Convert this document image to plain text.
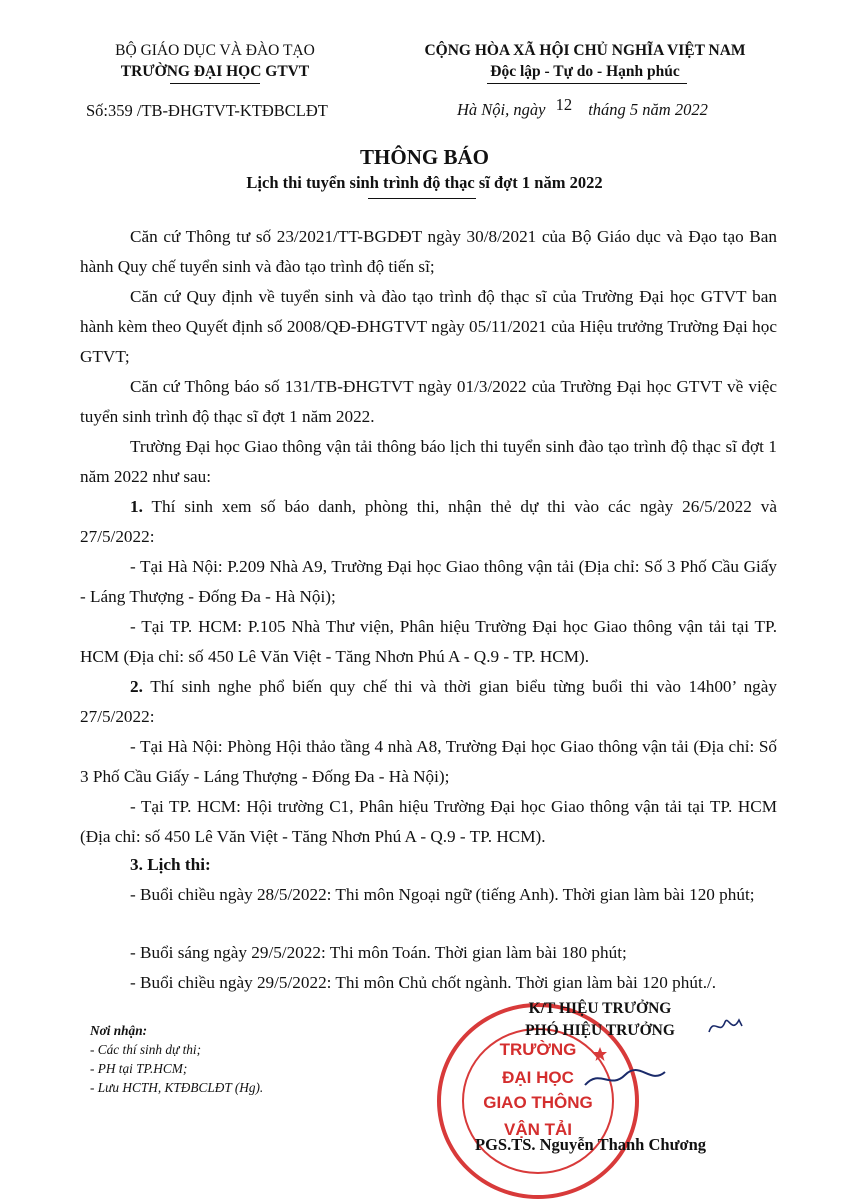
BỘ GIÁO DỤC VÀ ĐÀO TẠO
TRƯỜNG ĐẠI HỌC GTVT
CỘNG HÒA XÃ HỘI CHỦ NGHĨA VIỆT NAM
Độc lập - Tự do - Hạnh phúc
Số:359 /TB-ĐHGTVT-KTĐBCLĐT	Hà Nội, ngày 12 tháng 5 năm 2022
THÔNG BÁO
Lịch thi tuyển sinh trình độ thạc sĩ đợt 1 năm 2022
Căn cứ Thông tư số 23/2021/TT-BGDĐT ngày 30/8/2021 của Bộ Giáo dục và Đạo tạo Ban hành Quy chế tuyển sinh và đào tạo trình độ tiến sĩ;
Căn cứ Quy định về tuyển sinh và đào tạo trình độ thạc sĩ của Trường Đại học GTVT ban hành kèm theo Quyết định số 2008/QĐ-ĐHGTVT ngày 05/11/2021 của Hiệu trưởng Trường Đại học GTVT;
Căn cứ Thông báo số 131/TB-ĐHGTVT ngày 01/3/2022 của Trường Đại học GTVT về việc tuyển sinh trình độ thạc sĩ đợt 1 năm 2022.
Trường Đại học Giao thông vận tải thông báo lịch thi tuyển sinh đào tạo trình độ thạc sĩ đợt 1 năm 2022 như sau:
1. Thí sinh xem số báo danh, phòng thi, nhận thẻ dự thi vào các ngày 26/5/2022 và 27/5/2022:
- Tại Hà Nội: P.209 Nhà A9, Trường Đại học Giao thông vận tải (Địa chỉ: Số 3 Phố Cầu Giấy - Láng Thượng - Đống Đa - Hà Nội);
- Tại TP. HCM: P.105 Nhà Thư viện, Phân hiệu Trường Đại học Giao thông vận tải tại TP. HCM (Địa chỉ: số 450 Lê Văn Việt - Tăng Nhơn Phú A - Q.9 - TP. HCM).
2. Thí sinh nghe phổ biến quy chế thi và thời gian biểu từng buổi thi vào 14h00’ ngày 27/5/2022:
- Tại Hà Nội: Phòng Hội thảo tầng 4 nhà A8, Trường Đại học Giao thông vận tải (Địa chỉ: Số 3 Phố Cầu Giấy - Láng Thượng - Đống Đa - Hà Nội);
- Tại TP. HCM: Hội trường C1, Phân hiệu Trường Đại học Giao thông vận tải tại TP. HCM (Địa chỉ: số 450 Lê Văn Việt - Tăng Nhơn Phú A - Q.9 - TP. HCM).
3. Lịch thi:
- Buổi chiều ngày 28/5/2022: Thi môn Ngoại ngữ (tiếng Anh). Thời gian làm bài 120 phút;
- Buổi sáng ngày 29/5/2022: Thi môn Toán. Thời gian làm bài 180 phút;
- Buổi chiều ngày 29/5/2022: Thi môn Chủ chốt ngành. Thời gian làm bài 120 phút./.
Nơi nhận:
- Các thí sinh dự thi;
- PH tại TP.HCM;
- Lưu HCTH, KTĐBCLĐT (Hg).
TRƯỜNG
ĐẠI HỌC
GIAO THÔNG
VẬN TẢI
K/T HIỆU TRƯỞNG
PHÓ HIỆU TRƯỞNG
PGS.TS. Nguyễn Thanh Chương
